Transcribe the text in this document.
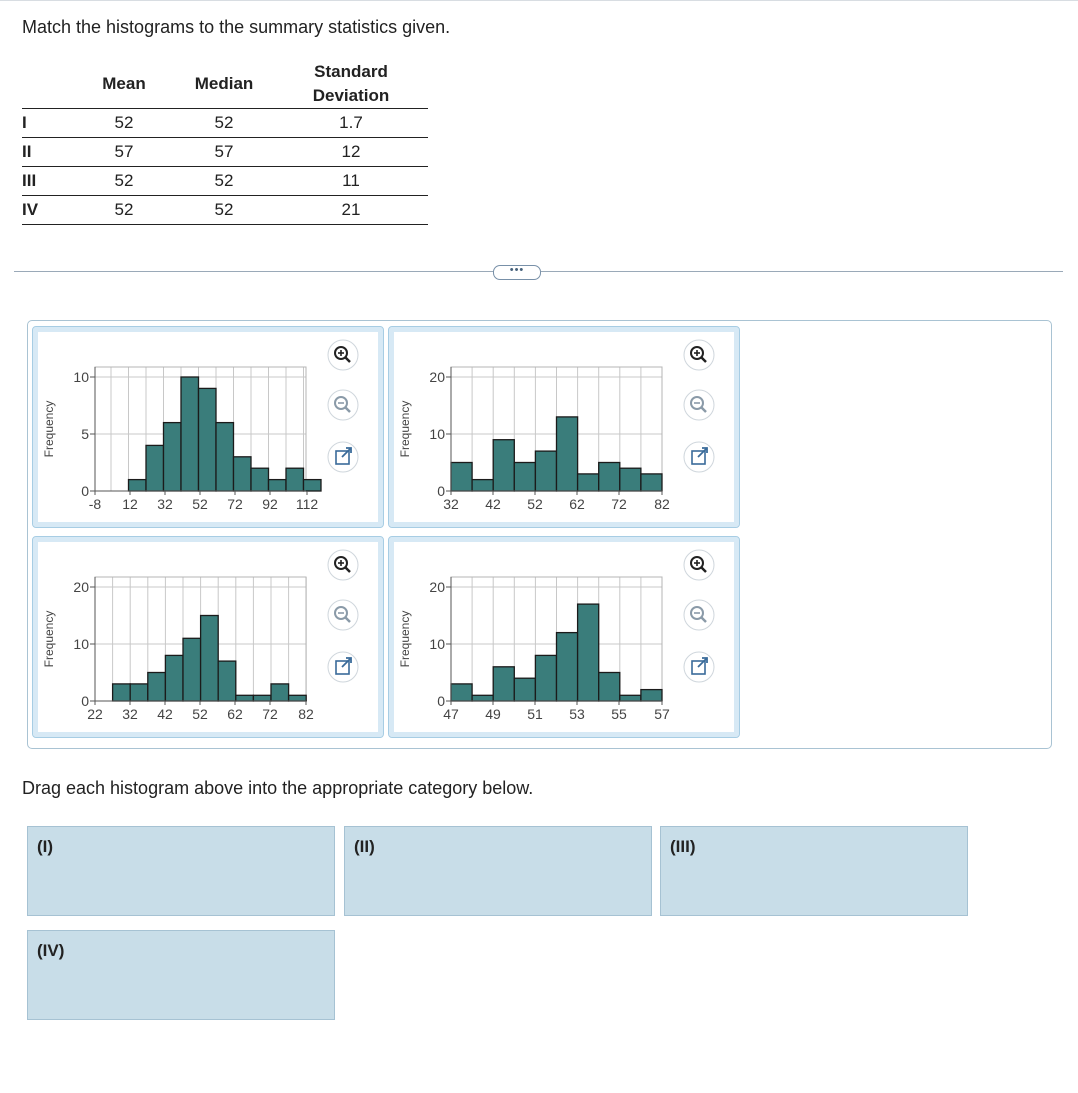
Match the histograms to the summary statistics given.
	Mean	Median	Standard
Deviation
I	52	52	1.7
II	57	57	12
III	52	52	11
IV	52	52	21
•••
0
5
10
-8 12 32 52 72 92 112
Frequency
0
10
20
32 42 52 62 72 82
Frequency
0
10
20
22 32 42 52 62 72 82
Frequency
0
10
20
47 49 51 53 55 57
Frequency
Drag each histogram above into the appropriate category below.
(I)	(II)	(III)
(IV)
